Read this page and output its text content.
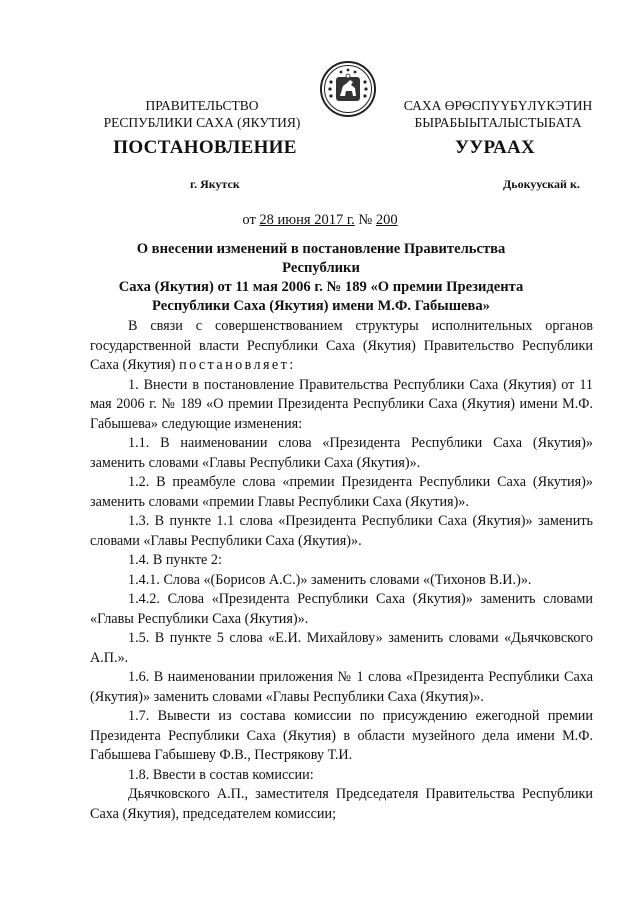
ПРАВИТЕЛЬСТВО
РЕСПУБЛИКИ САХА (ЯКУТИЯ)
САХА ӨРӨСПҮҮБҮЛҮКЭТИН
БЫРАБЫЫТАЛЫСТЫБАТА
ПОСТАНОВЛЕНИЕ	УУРААХ
г. Якутск	Дьокуускай к.
от 28 июня 2017 г. № 200
О внесении изменений в постановление Правительства Республики
Саха (Якутия) от 11 мая 2006 г. № 189 «О премии Президента
Республики Саха (Якутия) имени М.Ф. Габышева»

В связи с совершенствованием структуры исполнительных органов государственной власти Республики Саха (Якутия) Правительство Республики Саха (Якутия) постановляет:

1. Внести в постановление Правительства Республики Саха (Якутия) от 11 мая 2006 г. № 189 «О премии Президента Республики Саха (Якутия) имени М.Ф. Габышева» следующие изменения:

1.1. В наименовании слова «Президента Республики Саха (Якутия)» заменить словами «Главы Республики Саха (Якутия)».

1.2. В преамбуле слова «премии Президента Республики Саха (Якутия)» заменить словами «премии Главы Республики Саха (Якутия)».

1.3. В пункте 1.1 слова «Президента Республики Саха (Якутия)» заменить словами «Главы Республики Саха (Якутия)».

1.4. В пункте 2:

1.4.1. Слова «(Борисов А.С.)» заменить словами «(Тихонов В.И.)».

1.4.2. Слова «Президента Республики Саха (Якутия)» заменить словами «Главы Республики Саха (Якутия)».

1.5. В пункте 5 слова «Е.И. Михайлову» заменить словами «Дьячковского А.П.».

1.6. В наименовании приложения № 1 слова «Президента Республики Саха (Якутия)» заменить словами «Главы Республики Саха (Якутия)».

1.7. Вывести из состава комиссии по присуждению ежегодной премии Президента Республики Саха (Якутия) в области музейного дела имени М.Ф. Габышева Габышеву Ф.В., Пестрякову Т.И.

1.8. Ввести в состав комиссии:

Дьячковского А.П., заместителя Председателя Правительства Республики Саха (Якутия), председателем комиссии;
